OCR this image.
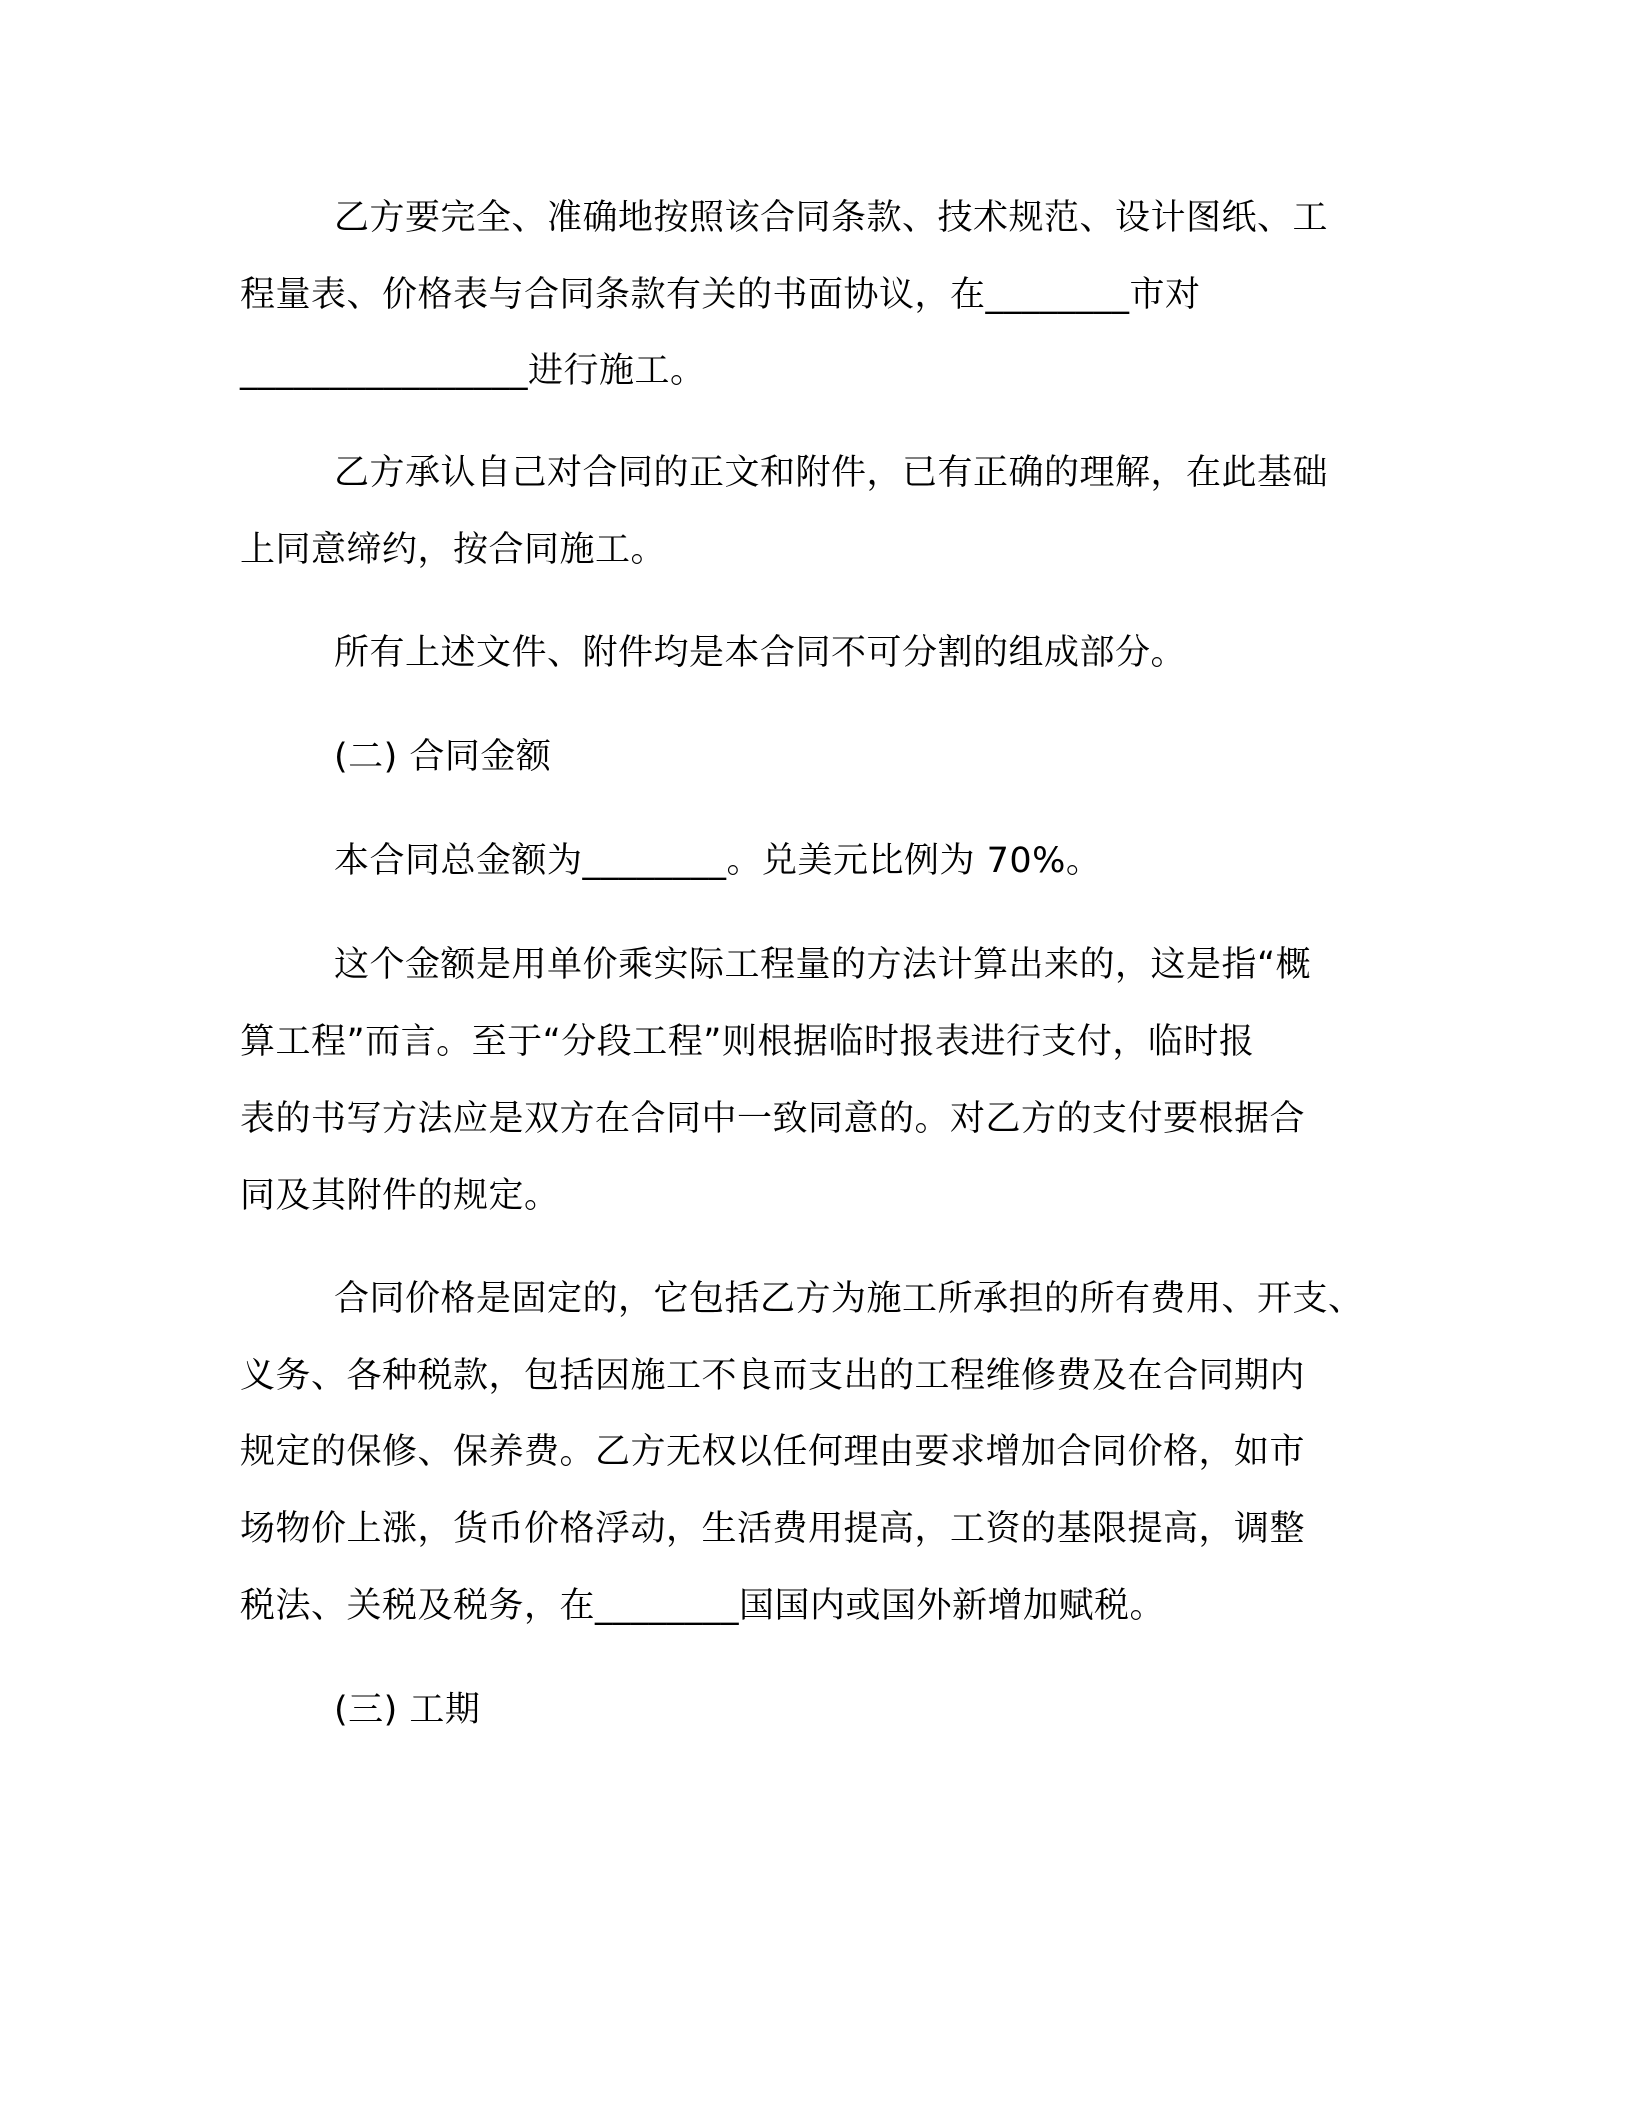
乙方要完全、准确地按照该合同条款、技术规范、设计图纸、工
程量表、价格表与合同条款有关的书面协议，在________市对
________________进行施工。
乙方承认自己对合同的正文和附件，已有正确的理解，在此基础
上同意缔约，按合同施工。
所有上述文件、附件均是本合同不可分割的组成部分。
(二) 合同金额
本合同总金额为________。兑美元比例为 70%。
这个金额是用单价乘实际工程量的方法计算出来的，这是指“概
算工程”而言。至于“分段工程”则根据临时报表进行支付，临时报
表的书写方法应是双方在合同中一致同意的。对乙方的支付要根据合
同及其附件的规定。
合同价格是固定的，它包括乙方为施工所承担的所有费用、开支、
义务、各种税款，包括因施工不良而支出的工程维修费及在合同期内
规定的保修、保养费。乙方无权以任何理由要求增加合同价格，如市
场物价上涨，货币价格浮动，生活费用提高，工资的基限提高，调整
税法、关税及税务，在________国国内或国外新增加赋税。
(三) 工期
